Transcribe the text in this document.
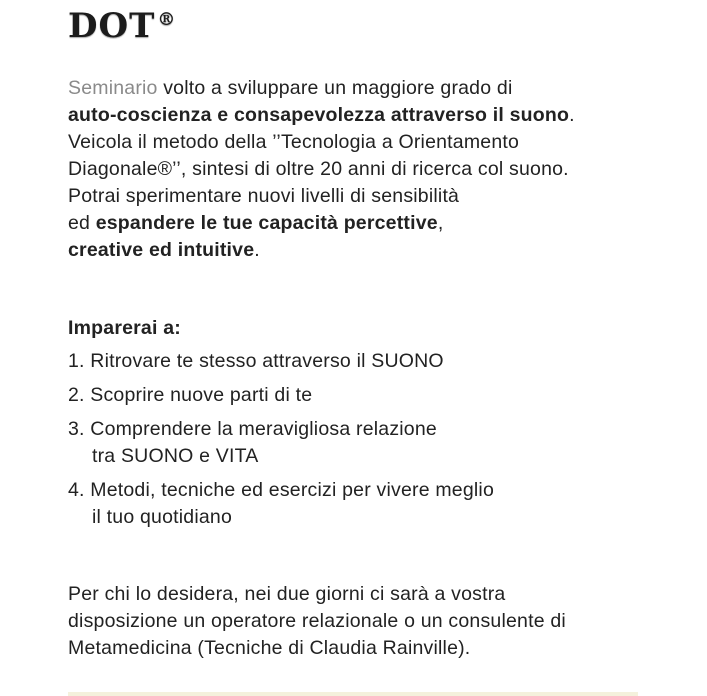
DOT ®
Seminario volto a sviluppare un maggiore grado di
auto-coscienza e consapevolezza attraverso il suono.
Veicola il metodo della ’’Tecnologia a Orientamento
Diagonale®’’, sintesi di oltre 20 anni di ricerca col suono.
Potrai sperimentare nuovi livelli di sensibilità
ed espandere le tue capacità percettive,
creative ed intuitive.
Imparerai a:
1. Ritrovare te stesso attraverso il SUONO
2. Scoprire nuove parti di te
3. Comprendere la meravigliosa relazione
tra SUONO e VITA
4. Metodi, tecniche ed esercizi per vivere meglio
il tuo quotidiano
Per chi lo desidera, nei due giorni ci sarà a vostra
disposizione un operatore relazionale o un consulente di
Metamedicina (Tecniche di Claudia Rainville).
